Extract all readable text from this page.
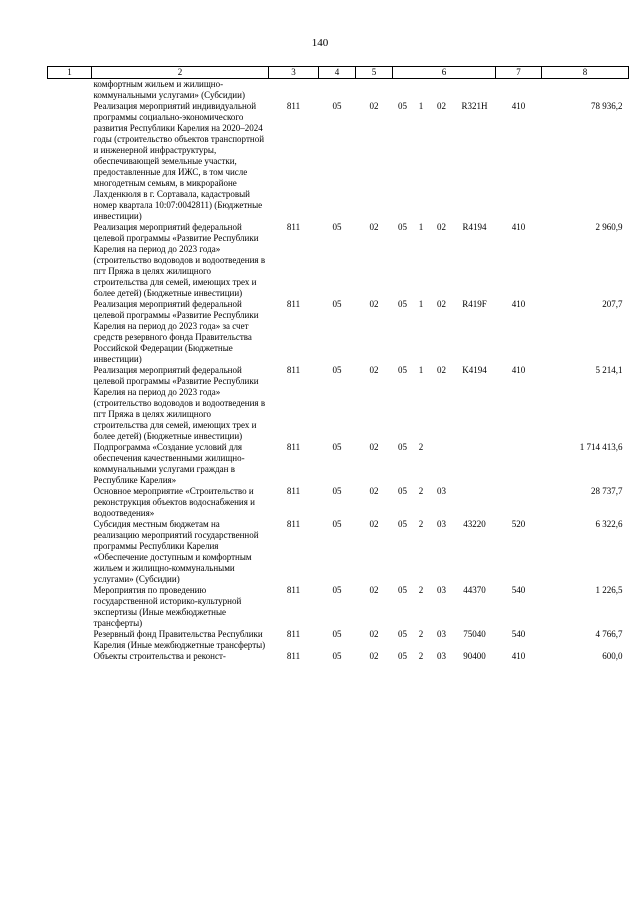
140
1	2	3	4	5	6				7	8
	комфортным жильем и жилищно-коммунальными услугами» (Субсидии)									
	Реализация мероприятий индивидуальной программы социально-экономического развития Республики Карелия на 2020–2024 годы (строительство объектов транспортной и инженерной инфраструктуры, обеспечивающей земельные участки, предоставленные для ИЖС, в том числе многодетным семьям, в микрорайоне Лахденкюля в г. Сортавала, кадастровый номер квартала 10:07:0042811) (Бюджетные инвестиции)	811	05	02	05	1	02	R321H	410	78 936,2
	Реализация мероприятий федеральной целевой программы «Развитие Республики Карелия на период до 2023 года» (строительство водоводов и водоотведения в пгт Пряжа в целях жилищного строительства для семей, имеющих трех и более детей) (Бюджетные инвестиции)	811	05	02	05	1	02	R4194	410	2 960,9
	Реализация мероприятий федеральной целевой программы «Развитие Республики Карелия на период до 2023 года» за счет средств резервного фонда Правительства Российской Федерации (Бюджетные инвестиции)	811	05	02	05	1	02	R419F	410	207,7
	Реализация мероприятий федеральной целевой программы «Развитие Республики Карелия на период до 2023 года» (строительство водоводов и водоотведения в пгт Пряжа в целях жилищного строительства для семей, имеющих трех и более детей) (Бюджетные инвестиции)	811	05	02	05	1	02	K4194	410	5 214,1
	Подпрограмма «Создание условий для обеспечения качественными жилищно-коммунальными услугами граждан в Республике Карелия»	811	05	02	05	2				1 714 413,6
	Основное мероприятие «Строительство и реконструкция объектов водоснабжения и водоотведения»	811	05	02	05	2	03			28 737,7
	Субсидия местным бюджетам на реализацию мероприятий государственной программы Республики Карелия «Обеспечение доступным и комфортным жильем и жилищно-коммунальными услугами» (Субсидии)	811	05	02	05	2	03	43220	520	6 322,6
	Мероприятия по проведению государственной историко-культурной экспертизы (Иные межбюджетные трансферты)	811	05	02	05	2	03	44370	540	1 226,5
	Резервный фонд Правительства Республики Карелия (Иные межбюджетные трансферты)	811	05	02	05	2	03	75040	540	4 766,7
	Объекты строительства и реконст-	811	05	02	05	2	03	90400	410	600,0
